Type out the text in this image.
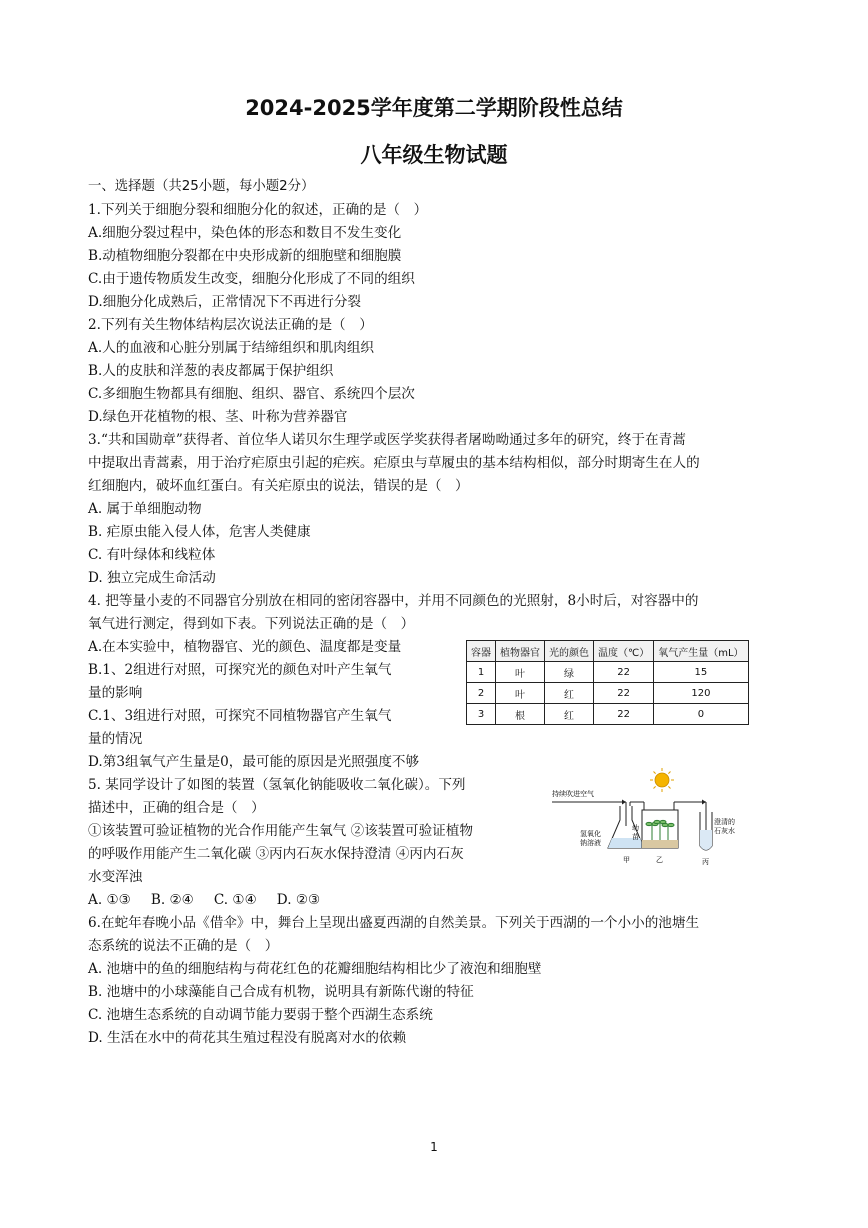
2024-2025学年度第二学期阶段性总结
八年级生物试题
一、选择题（共25小题，每小题2分）
1.下列关于细胞分裂和细胞分化的叙述，正确的是（　）
A.细胞分裂过程中，染色体的形态和数目不发生变化
B.动植物细胞分裂都在中央形成新的细胞壁和细胞膜
C.由于遗传物质发生改变，细胞分化形成了不同的组织
D.细胞分化成熟后，正常情况下不再进行分裂
2.下列有关生物体结构层次说法正确的是（　）
A.人的血液和心脏分别属于结缔组织和肌肉组织
B.人的皮肤和洋葱的表皮都属于保护组织
C.多细胞生物都具有细胞、组织、器官、系统四个层次
D.绿色开花植物的根、茎、叶称为营养器官
3.“共和国勋章”获得者、首位华人诺贝尔生理学或医学奖获得者屠呦呦通过多年的研究，终于在青蒿
中提取出青蒿素，用于治疗疟原虫引起的疟疾。疟原虫与草履虫的基本结构相似，部分时期寄生在人的
红细胞内，破坏血红蛋白。有关疟原虫的说法，错误的是（　）
A. 属于单细胞动物
B. 疟原虫能入侵人体，危害人类健康
C. 有叶绿体和线粒体
D. 独立完成生命活动
4. 把等量小麦的不同器官分别放在相同的密闭容器中，并用不同颜色的光照射，8小时后，对容器中的
氧气进行测定，得到如下表。下列说法正确的是（　）
A.在本实验中，植物器官、光的颜色、温度都是变量
B.1、2组进行对照，可探究光的颜色对叶产生氧气
量的影响
C.1、3组进行对照，可探究不同植物器官产生氧气
量的情况
D.第3组氧气产生量是0，最可能的原因是光照强度不够
容器	植物器官	光的颜色	温度（℃）	氧气产生量（mL）
1	叶	绿	22	15
2	叶	红	22	120
3	根	红	22	0
5. 某同学设计了如图的装置（氢氧化钠能吸收二氧化碳）。下列
描述中，正确的组合是（　）
①该装置可验证植物的光合作用能产生氧气 ②该装置可验证植物
的呼吸作用能产生二氧化碳 ③丙内石灰水保持澄清 ④丙内石灰
水变浑浊
A. ①③ B. ②④ C. ①④ D. ②③
持续吹进空气
氢氧化
钠溶液
甲
幼
苗
乙
澄清的
石灰水
丙
6.在蛇年春晚小品《借伞》中，舞台上呈现出盛夏西湖的自然美景。下列关于西湖的一个小小的池塘生
态系统的说法不正确的是（　）
A. 池塘中的鱼的细胞结构与荷花红色的花瓣细胞结构相比少了液泡和细胞壁
B. 池塘中的小球藻能自己合成有机物，说明具有新陈代谢的特征
C. 池塘生态系统的自动调节能力要弱于整个西湖生态系统
D. 生活在水中的荷花其生殖过程没有脱离对水的依赖
1
